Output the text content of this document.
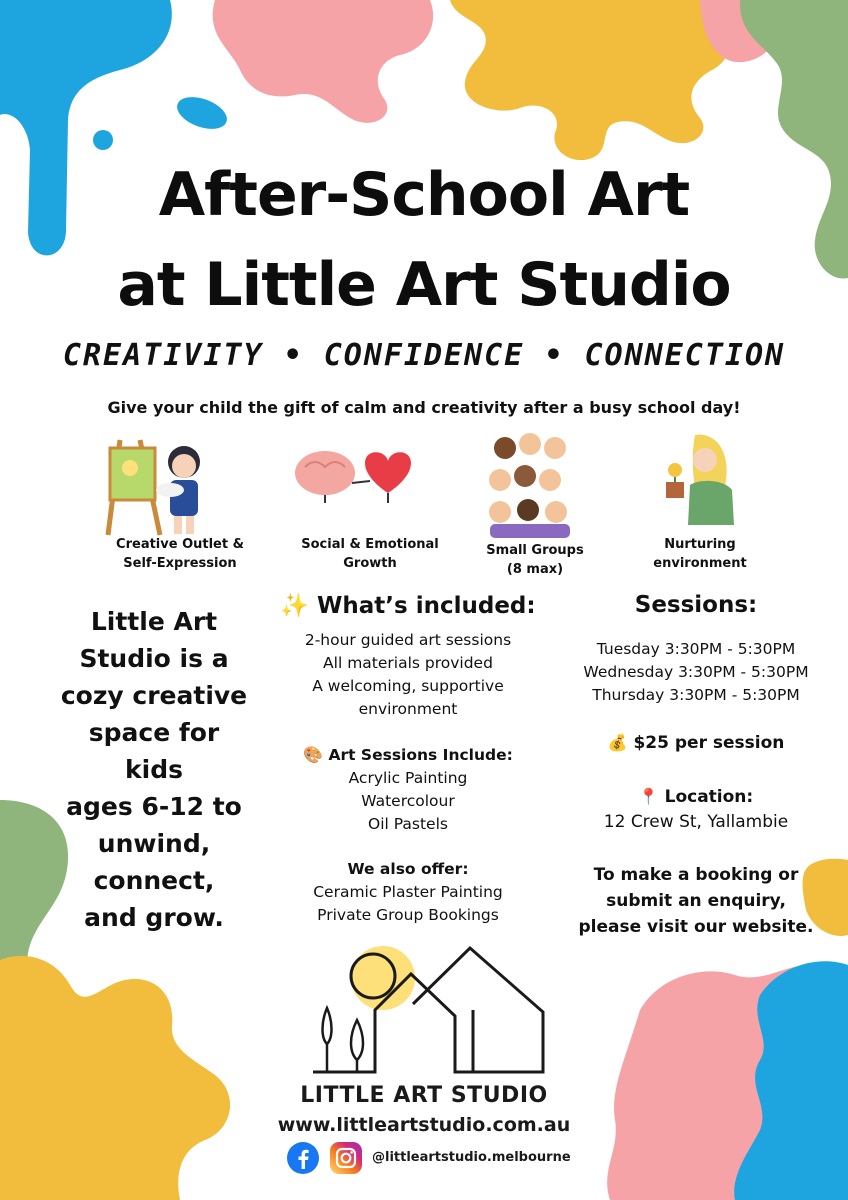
After-School Art
at Little Art Studio
CREATIVITY • CONFIDENCE • CONNECTION
Give your child the gift of calm and creativity after a busy school day!
Creative Outlet &
Self-Expression
Social & Emotional
Growth
Small Groups
(8 max)
Nurturing
environment
Little Art
Studio is a
cozy creative
space for
kids
ages 6-12 to
unwind,
connect,
and grow.
✨ What’s included:
2-hour guided art sessions
All materials provided
A welcoming, supportive
environment
🎨 Art Sessions Include:
Acrylic Painting
Watercolour
Oil Pastels
We also offer:
Ceramic Plaster Painting
Private Group Bookings
Sessions:
Tuesday 3:30PM - 5:30PM
Wednesday 3:30PM - 5:30PM
Thursday 3:30PM - 5:30PM
💰 $25 per session
📍 Location:
12 Crew St, Yallambie
To make a booking or
submit an enquiry,
please visit our website.
LITTLE ART STUDIO
www.littleartstudio.com.au
@littleartstudio.melbourne
